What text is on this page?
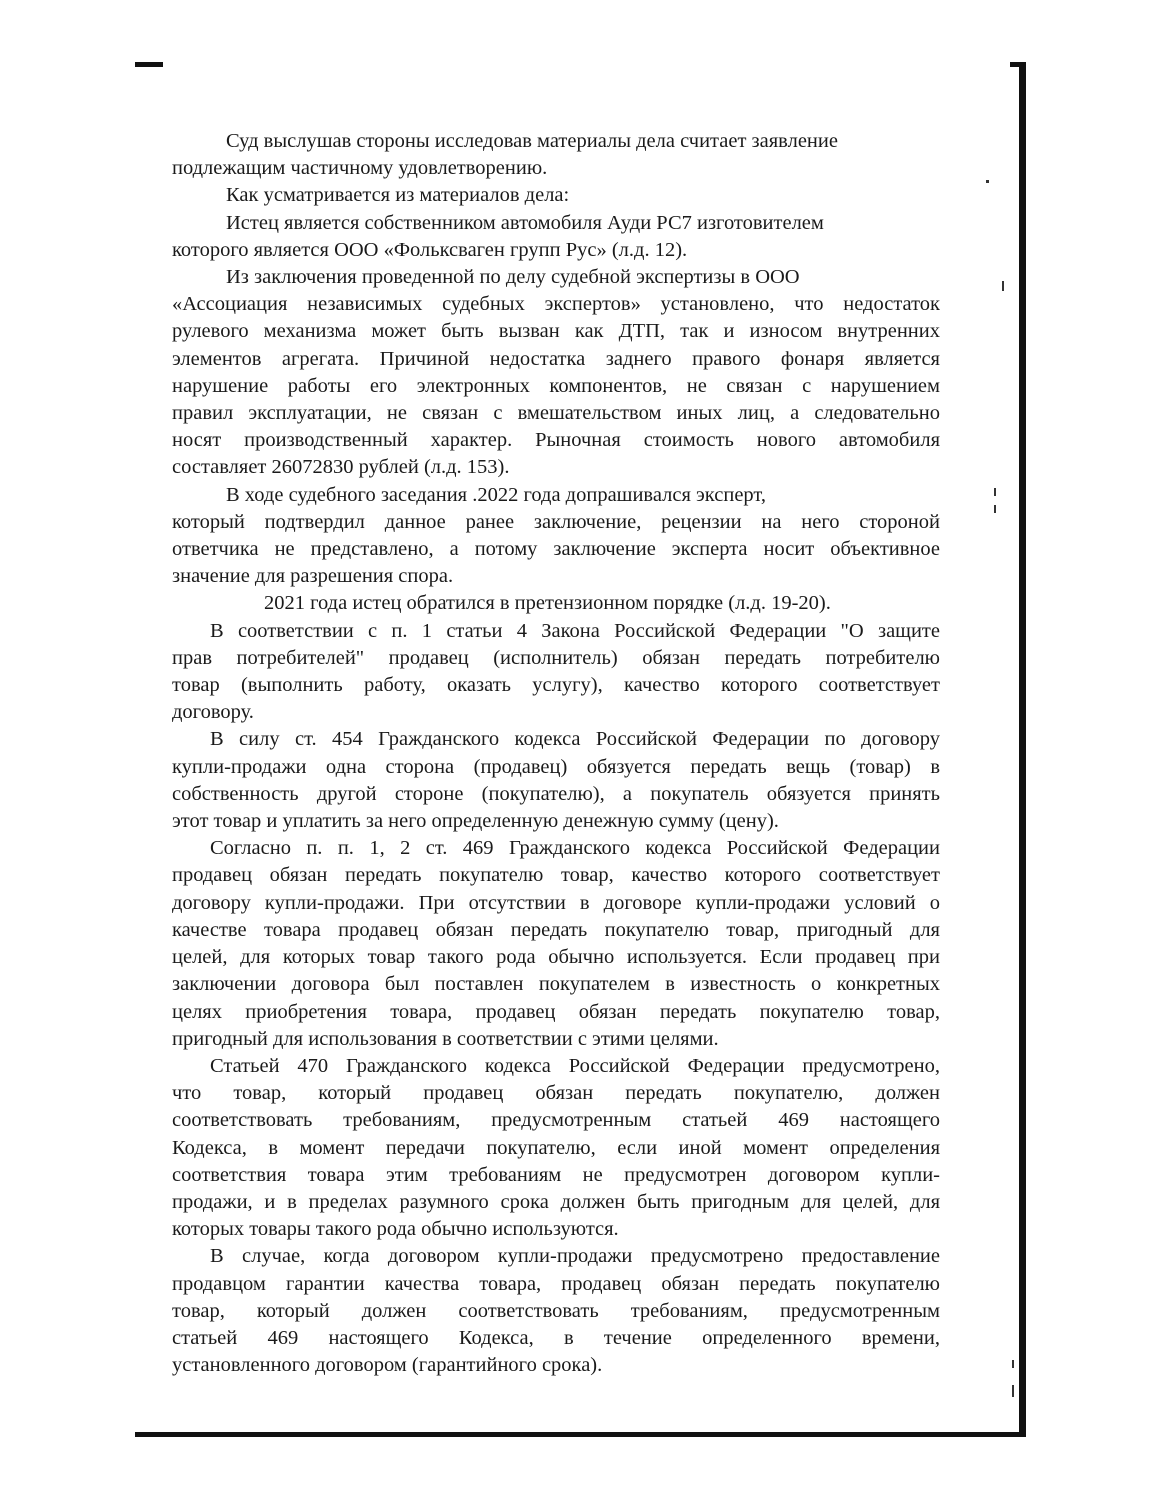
Суд выслушав стороны исследовав материалы дела считает заявление
подлежащим частичному удовлетворению.

Как усматривается из материалов дела:

Истец является собственником автомобиля Ауди РС7 изготовителем
которого является ООО «Фольксваген групп Рус» (л.д. 12).

Из заключения проведенной по делу судебной экспертизы в ООО
«Ассоциация независимых судебных экспертов» установлено, что недостаток
рулевого механизма может быть вызван как ДТП, так и износом внутренних
элементов агрегата. Причиной недостатка заднего правого фонаря является
нарушение работы его электронных компонентов, не связан с нарушением
правил эксплуатации, не связан с вмешательством иных лиц, а следовательно
носят производственный характер. Рыночная стоимость нового автомобиля
составляет 26072830 рублей (л.д. 153).

В ходе судебного заседания .2022 года допрашивался эксперт,
который подтвердил данное ранее заключение, рецензии на него стороной
ответчика не представлено, а потому заключение эксперта носит объективное
значение для разрешения спора.

2021 года истец обратился в претензионном порядке (л.д. 19-20).

В соответствии с п. 1 статьи 4 Закона Российской Федерации "О защите
прав потребителей" продавец (исполнитель) обязан передать потребителю
товар (выполнить работу, оказать услугу), качество которого соответствует
договору.

В силу ст. 454 Гражданского кодекса Российской Федерации по договору
купли-продажи одна сторона (продавец) обязуется передать вещь (товар) в
собственность другой стороне (покупателю), а покупатель обязуется принять
этот товар и уплатить за него определенную денежную сумму (цену).

Согласно п. п. 1, 2 ст. 469 Гражданского кодекса Российской Федерации
продавец обязан передать покупателю товар, качество которого соответствует
договору купли-продажи. При отсутствии в договоре купли-продажи условий о
качестве товара продавец обязан передать покупателю товар, пригодный для
целей, для которых товар такого рода обычно используется. Если продавец при
заключении договора был поставлен покупателем в известность о конкретных
целях приобретения товара, продавец обязан передать покупателю товар,
пригодный для использования в соответствии с этими целями.

Статьей 470 Гражданского кодекса Российской Федерации предусмотрено,
что товар, который продавец обязан передать покупателю, должен
соответствовать требованиям, предусмотренным статьей 469 настоящего
Кодекса, в момент передачи покупателю, если иной момент определения
соответствия товара этим требованиям не предусмотрен договором купли-
продажи, и в пределах разумного срока должен быть пригодным для целей, для
которых товары такого рода обычно используются.

В случае, когда договором купли-продажи предусмотрено предоставление
продавцом гарантии качества товара, продавец обязан передать покупателю
товар, который должен соответствовать требованиям, предусмотренным
статьей 469 настоящего Кодекса, в течение определенного времени,
установленного договором (гарантийного срока).
